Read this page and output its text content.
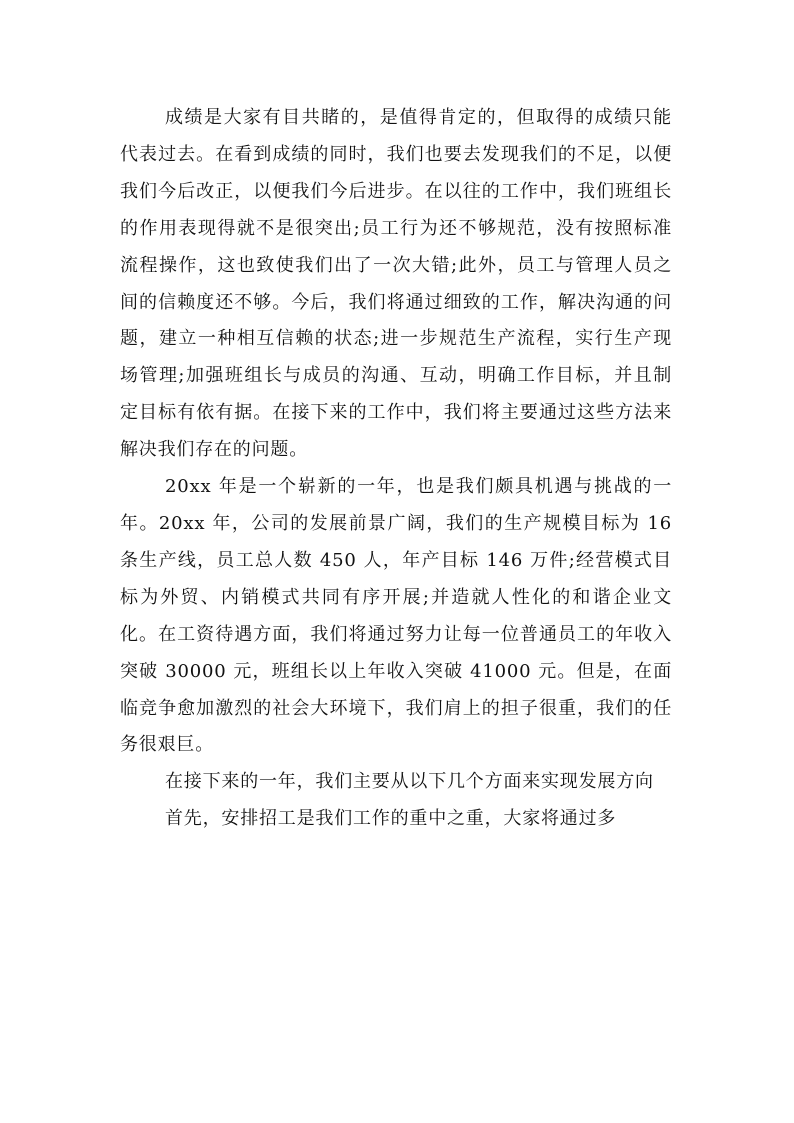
成绩是大家有目共睹的，是值得肯定的，但取得的成绩只能代表过去。在看到成绩的同时，我们也要去发现我们的不足，以便我们今后改正，以便我们今后进步。在以往的工作中，我们班组长的作用表现得就不是很突出;员工行为还不够规范，没有按照标准流程操作，这也致使我们出了一次大错;此外，员工与管理人员之间的信赖度还不够。今后，我们将通过细致的工作，解决沟通的问题，建立一种相互信赖的状态;进一步规范生产流程，实行生产现场管理;加强班组长与成员的沟通、互动，明确工作目标，并且制定目标有依有据。在接下来的工作中，我们将主要通过这些方法来解决我们存在的问题。

20xx 年是一个崭新的一年，也是我们颇具机遇与挑战的一年。20xx 年，公司的发展前景广阔，我们的生产规模目标为 16 条生产线，员工总人数 450 人，年产目标 146 万件;经营模式目标为外贸、内销模式共同有序开展;并造就人性化的和谐企业文化。在工资待遇方面，我们将通过努力让每一位普通员工的年收入突破 30000 元，班组长以上年收入突破 41000 元。但是，在面临竞争愈加激烈的社会大环境下，我们肩上的担子很重，我们的任务很艰巨。

在接下来的一年，我们主要从以下几个方面来实现发展方向

首先，安排招工是我们工作的重中之重，大家将通过多
